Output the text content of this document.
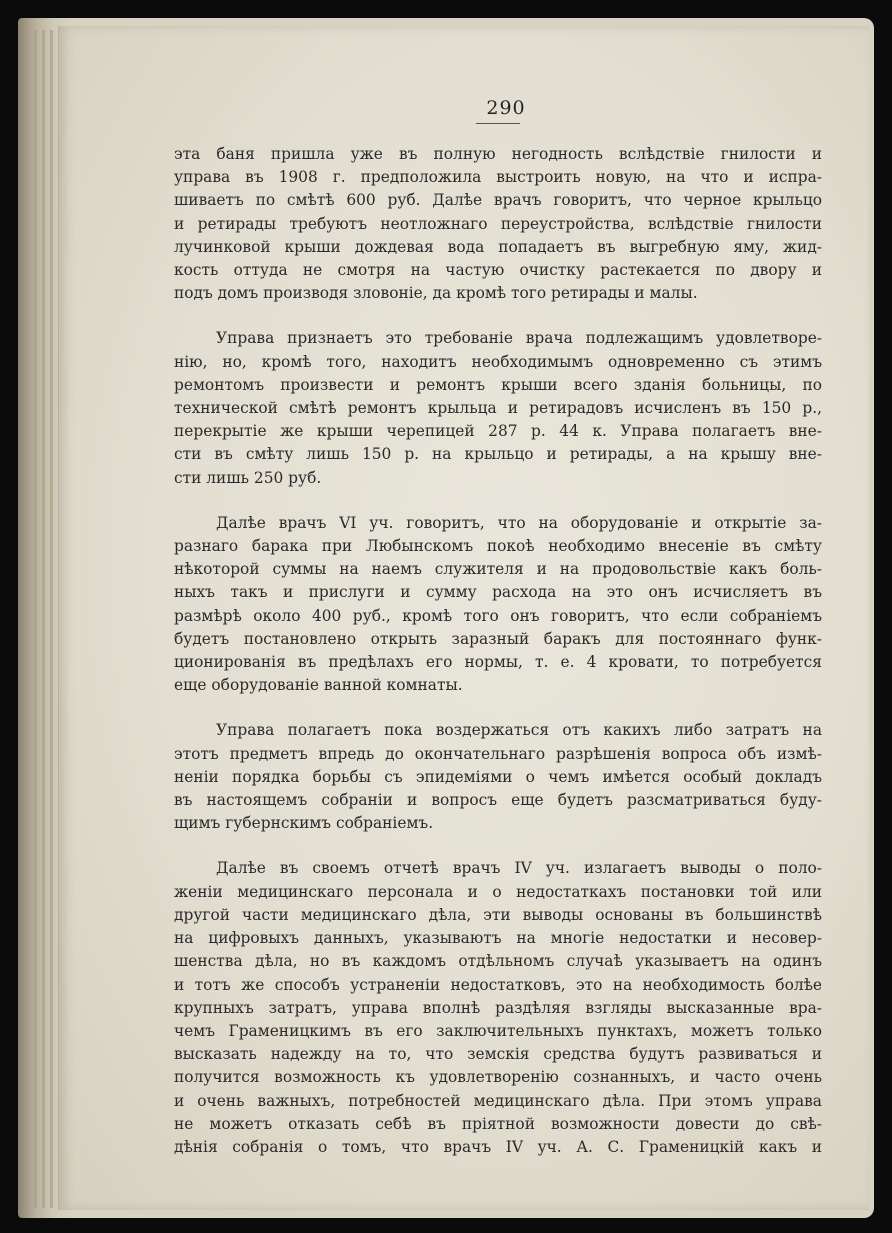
290
эта баня пришла уже въ полную негодность вслѣдствіе гнилости и
управа въ 1908 г. предположила выстроить новую, на что и испра-
шиваетъ по смѣтѣ 600 руб. Далѣе врачъ говоритъ, что черное крыльцо
и ретирады требуютъ неотложнаго переустройства, вслѣдствіе гнилости
лучинковой крыши дождевая вода попадаетъ въ выгребную яму, жид-
кость оттуда не смотря на частую очистку растекается по двору и
подъ домъ производя зловоніе, да кромѣ того ретирады и малы.
Управа признаетъ это требованіе врача подлежащимъ удовлетворе-
нію, но, кромѣ того, находитъ необходимымъ одновременно съ этимъ
ремонтомъ произвести и ремонтъ крыши всего зданія больницы, по
технической смѣтѣ ремонтъ крыльца и ретирадовъ исчисленъ въ 150 р.,
перекрытіе же крыши черепицей 287 р. 44 к. Управа полагаетъ вне-
сти въ смѣту лишь 150 р. на крыльцо и ретирады, а на крышу вне-
сти лишь 250 руб.
Далѣе врачъ VI уч. говоритъ, что на оборудованіе и открытіе за-
разнаго барака при Любынскомъ покоѣ необходимо внесеніе въ смѣту
нѣкоторой суммы на наемъ служителя и на продовольствіе какъ боль-
ныхъ такъ и прислуги и сумму расхода на это онъ исчисляетъ въ
размѣрѣ около 400 руб., кромѣ того онъ говоритъ, что если собраніемъ
будетъ постановлено открыть заразный баракъ для постояннаго функ-
ционированія въ предѣлахъ его нормы, т. е. 4 кровати, то потребуется
еще оборудованіе ванной комнаты.
Управа полагаетъ пока воздержаться отъ какихъ либо затратъ на
этотъ предметъ впредь до окончательнаго разрѣшенія вопроса объ измѣ-
неніи порядка борьбы съ эпидеміями о чемъ имѣется особый докладъ
въ настоящемъ собраніи и вопросъ еще будетъ разсматриваться буду-
щимъ губернскимъ собраніемъ.
Далѣе въ своемъ отчетѣ врачъ IV уч. излагаетъ выводы о поло-
женіи медицинскаго персонала и о недостаткахъ постановки той или
другой части медицинскаго дѣла, эти выводы основаны въ большинствѣ
на цифровыхъ данныхъ, указываютъ на многіе недостатки и несовер-
шенства дѣла, но въ каждомъ отдѣльномъ случаѣ указываетъ на одинъ
и тотъ же способъ устраненіи недостатковъ, это на необходимость болѣе
крупныхъ затратъ, управа вполнѣ раздѣляя взгляды высказанные вра-
чемъ Граменицкимъ въ его заключительныхъ пунктахъ, можетъ только
высказать надежду на то, что земскія средства будутъ развиваться и
получится возможность къ удовлетворенію сознанныхъ, и часто очень
и очень важныхъ, потребностей медицинскаго дѣла. При этомъ управа
не можетъ отказать себѣ въ пріятной возможности довести до свѣ-
дѣнія собранія о томъ, что врачъ IV уч. А. С. Граменицкій какъ и
